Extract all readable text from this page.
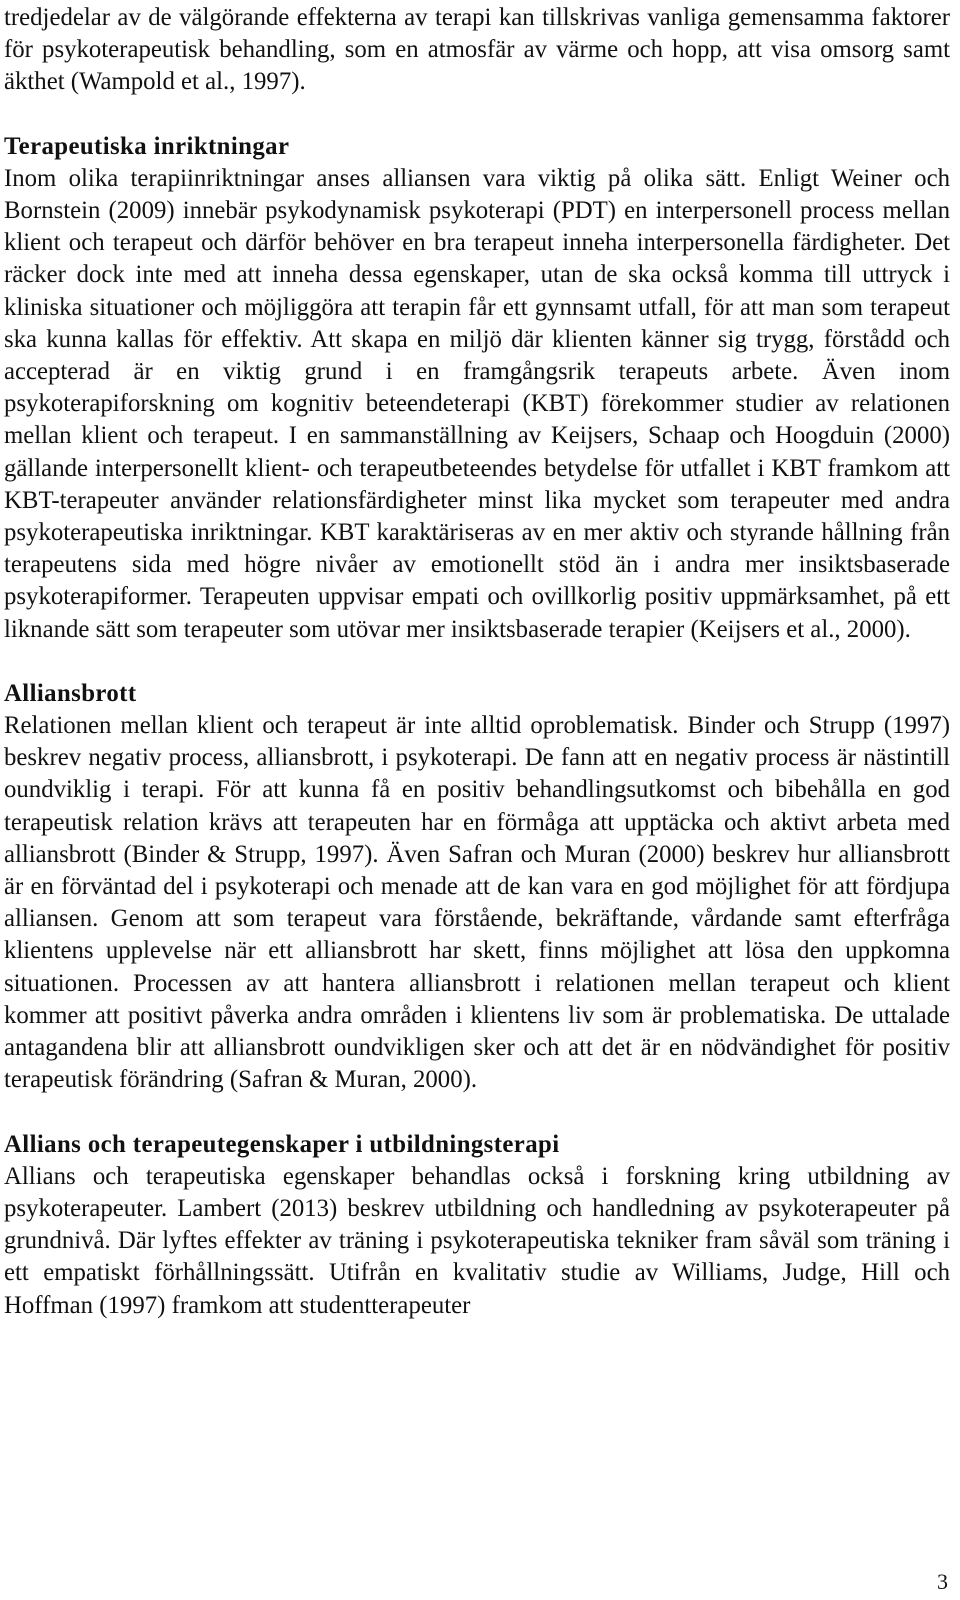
tredjedelar av de välgörande effekterna av terapi kan tillskrivas vanliga gemensamma faktorer för psykoterapeutisk behandling, som en atmosfär av värme och hopp, att visa omsorg samt äkthet (Wampold et al., 1997).

Terapeutiska inriktningar

Inom olika terapiinriktningar anses alliansen vara viktig på olika sätt. Enligt Weiner och Bornstein (2009) innebär psykodynamisk psykoterapi (PDT) en interpersonell process mellan klient och terapeut och därför behöver en bra terapeut inneha interpersonella färdigheter. Det räcker dock inte med att inneha dessa egenskaper, utan de ska också komma till uttryck i kliniska situationer och möjliggöra att terapin får ett gynnsamt utfall, för att man som terapeut ska kunna kallas för effektiv. Att skapa en miljö där klienten känner sig trygg, förstådd och accepterad är en viktig grund i en framgångsrik terapeuts arbete. Även inom psykoterapiforskning om kognitiv beteendeterapi (KBT) förekommer studier av relationen mellan klient och terapeut. I en sammanställning av Keijsers, Schaap och Hoogduin (2000) gällande interpersonellt klient- och terapeutbeteendes betydelse för utfallet i KBT framkom att KBT-terapeuter använder relationsfärdigheter minst lika mycket som terapeuter med andra psykoterapeutiska inriktningar. KBT karaktäriseras av en mer aktiv och styrande hållning från terapeutens sida med högre nivåer av emotionellt stöd än i andra mer insiktsbaserade psykoterapiformer. Terapeuten uppvisar empati och ovillkorlig positiv uppmärksamhet, på ett liknande sätt som terapeuter som utövar mer insiktsbaserade terapier (Keijsers et al., 2000).

Alliansbrott

Relationen mellan klient och terapeut är inte alltid oproblematisk. Binder och Strupp (1997) beskrev negativ process, alliansbrott, i psykoterapi. De fann att en negativ process är nästintill oundviklig i terapi. För att kunna få en positiv behandlingsutkomst och bibehålla en god terapeutisk relation krävs att terapeuten har en förmåga att upptäcka och aktivt arbeta med alliansbrott (Binder & Strupp, 1997). Även Safran och Muran (2000) beskrev hur alliansbrott är en förväntad del i psykoterapi och menade att de kan vara en god möjlighet för att fördjupa alliansen. Genom att som terapeut vara förstående, bekräftande, vårdande samt efterfråga klientens upplevelse när ett alliansbrott har skett, finns möjlighet att lösa den uppkomna situationen. Processen av att hantera alliansbrott i relationen mellan terapeut och klient kommer att positivt påverka andra områden i klientens liv som är problematiska. De uttalade antagandena blir att alliansbrott oundvikligen sker och att det är en nödvändighet för positiv terapeutisk förändring (Safran & Muran, 2000).

Allians och terapeutegenskaper i utbildningsterapi

Allians och terapeutiska egenskaper behandlas också i forskning kring utbildning av psykoterapeuter. Lambert (2013) beskrev utbildning och handledning av psykoterapeuter på grundnivå. Där lyftes effekter av träning i psykoterapeutiska tekniker fram såväl som träning i ett empatiskt förhållningssätt. Utifrån en kvalitativ studie av Williams, Judge, Hill och Hoffman (1997) framkom att studentterapeuter

3
